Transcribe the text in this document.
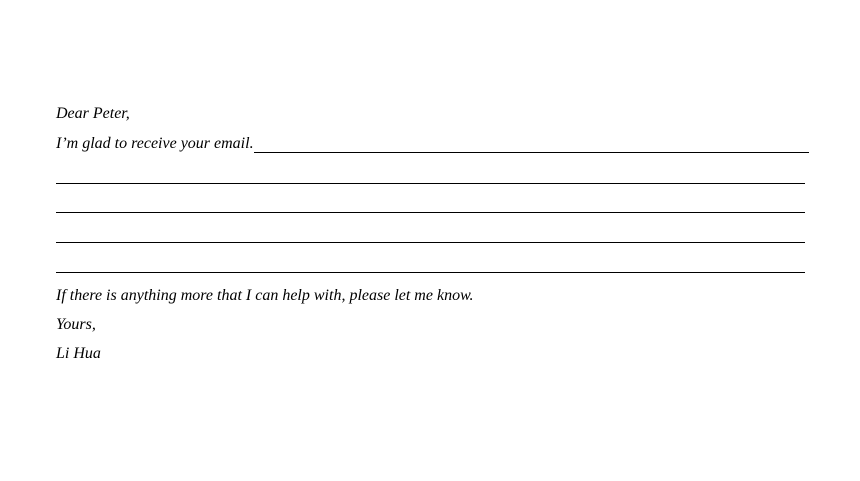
Dear Peter,
I’m glad to receive your email.
If there is anything more that I can help with, please let me know.
Yours,
Li Hua
